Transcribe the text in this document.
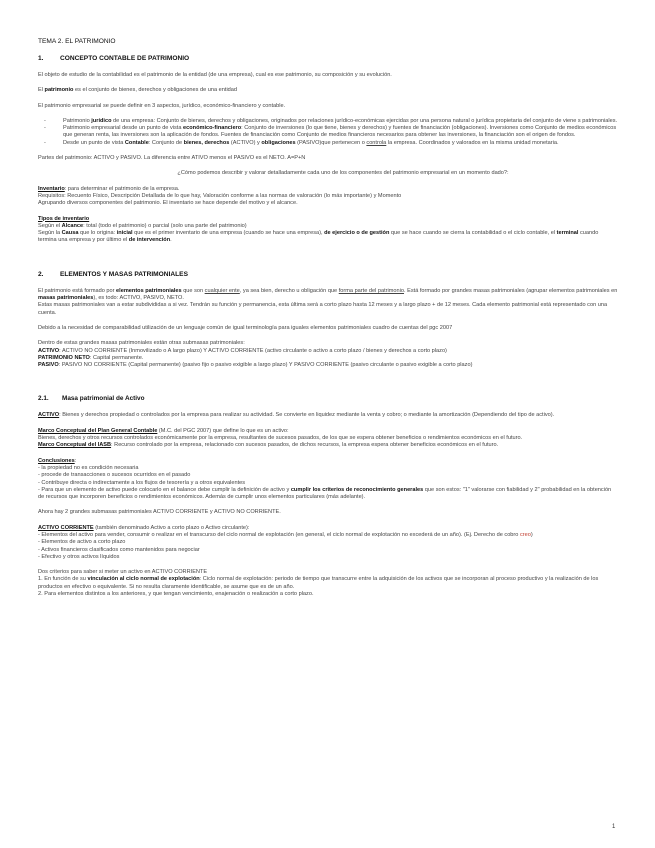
TEMA 2. EL PATRIMONIO

1.	CONCEPTO CONTABLE DE PATRIMONIO

El objeto de estudio de la contabilidad es el patrimonio de la entidad (de una empresa), cual es ese patrimonio, su composición y su evolución.

El patrimonio es el conjunto de bienes, derechos y obligaciones de una entidad

El patrimonio empresarial se puede definir en 3 aspectos, jurídico, económico-financiero y contable.

- Patrimonio jurídico de una empresa: Conjunto de bienes, derechos y obligaciones, originados por relaciones jurídico-económicas ejercidas por una persona natural o jurídica propietaria del conjunto de viene s patrimoniales.
- Patrimonio empresarial desde un punto de vista económico-financiero: Conjunto de inversiones (lo que tiene, bienes y derechos) y fuentes de financiación (obligaciones). Inversiones como Conjunto de medios económicos que generan renta, las inversiones son la aplicación de fondos. Fuentes de financiación como Conjunto de medios financieros necesarios para obtener las inversiones, la financiación son el origen de fondos.
- Desde un punto de vista Contable: Conjunto de bienes, derechos (ACTIVO) y obligaciones (PASIVO)que pertenecen o controla la empresa. Coordinados y valorados en la misma unidad monetaria.

Partes del patrimonio: ACTIVO y PASIVO. La diferencia entre ATIVO menos el PASIVO es el NETO. A=P+N

¿Cómo podemos describir y valorar detalladamente cada uno de los componentes del patrimonio empresarial en un momento dado?:

Inventario: para determinar el patrimonio de la empresa.

Requisitos: Recuento Físico, Descripción Detallada de lo que hay, Valoración conforme a las normas de valoración (lo más importante) y Momento

Agrupando diversos componentes del patrimonio. El inventario se hace depende del motivo y el alcance.

Tipos de inventario

Según el Alcance: total (todo el patrimonio) o parcial (solo una parte del patrimonio)

Según la Causa que lo origina: inicial que es el primer inventario de una empresa (cuando se hace una empresa), de ejercicio o de gestión que se hace cuando se cierra la contabilidad o el ciclo contable, el terminal cuando termina una empresa y por último el de intervención.

2.	ELEMENTOS Y MASAS PATRIMONIALES

El patrimonio está formado por elementos patrimoniales que son cualquier ente, ya sea bien, derecho u obligación que forma parte del patrimonio. Está formado por grandes masas patrimoniales (agrupar elementos patrimoniales en masas patrimoniales), es todo: ACTIVO, PASIVO, NETO.

Estas masas patrimoniales van a estar subdivididas a si vez. Tendrán su función y permanencia, esta última será a corto plazo hasta 12 meses y a largo plazo + de 12 meses. Cada elemento patrimonial está representado con una cuenta.

Debido a la necesidad de comparabilidad utilización de un lenguaje común de igual terminología para iguales elementos patrimoniales cuadro de cuentas del pgc 2007

Dentro de estas grandes masas patrimoniales están otras submasas patrimoniales:

ACTIVO: ACTIVO NO CORRIENTE (Inmovilizado o A largo plazo) Y ACTIVO CORRIENTE (activo circulante o activo a corto plazo / bienes y derechos a corto plazo)

PATRIMONIO NETO: Capital permanente.

PASIVO: PASIVO NO CORRIENTE (Capital permanente) (pasivo fijo o pasivo exigible a largo plazo) Y PASIVO CORRIENTE (pasivo circulante o pasivo exigible a corto plazo)

2.1. Masa patrimonial de Activo

ACTIVO: Bienes y derechos propiedad o controlados por la empresa para realizar su actividad. Se convierte en liquidez mediante la venta y cobro; o mediante la amortización (Dependiendo del tipo de activo).

Marco Conceptual del Plan General Contable (M.C. del PGC 2007) que define lo que es un activo:

Bienes, derechos y otros recursos controlados económicamente por la empresa, resultantes de sucesos pasados, de los que se espera obtener beneficios o rendimientos económicos en el futuro.

Marco Conceptual del IASB: Recurso controlado por la empresa, relacionado con sucesos pasados, de dichos recursos, la empresa espera obtener beneficios económicos en el futuro.

Conclusiones:

- la propiedad no es condición necesaria

- procede de transacciones o sucesos ocurridos en el pasado

- Contribuye directa o indirectamente a los flujos de tesorería y a otros equivalentes

- Para que un elemento de activo puede colocarlo en el balance debe cumplir la definición de activo y cumplir los criterios de reconocimiento generales que son estos: "1" valorarse con fiabilidad y 2" probabilidad en la obtención de recursos que incorporen beneficios o rendimientos económicos. Además de cumplir unos elementos particulares (más adelante).

Ahora hay 2 grandes submasas patrimoniales ACTIVO CORRIENTE y ACTIVO NO CORRIENTE.

ACTIVO CORRIENTE (también denominado Activo a corto plazo o Activo circulante):

- Elementos del activo para vender, consumir o realizar en el transcurso del ciclo normal de explotación (en general, el ciclo normal de explotación no excederá de un año). (Ej. Derecho de cobro creo)

- Elementos de activo a corto plazo

- Activos financieros clasificados como mantenidos para negociar

- Efectivo y otros activos líquidos

Dos criterios para saber si meter un activo en ACTIVO CORRIENTE

1. En función de su vinculación al ciclo normal de explotación: Ciclo normal de explotación: periodo de tiempo que transcurre entre la adquisición de los activos que se incorporan al proceso productivo y la realización de los productos en efectivo o equivalente. Si no resulta claramente identificable, se asume que es de un año.

2. Para elementos distintos a los anteriores, y que tengan vencimiento, enajenación o realización a corto plazo.

1
